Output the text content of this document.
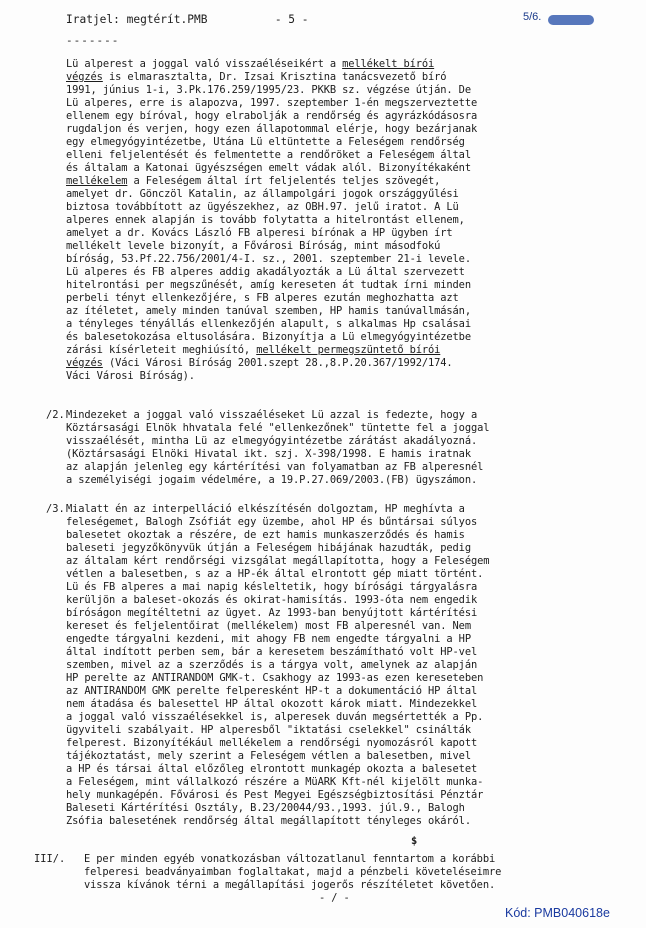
Iratjel: megtérít.PMB	- 5 -
-------
5/6.
Lü alperest a joggal való visszaéléseikért a mellékelt bírói
végzés is elmarasztalta, Dr. Izsai Krisztina tanácsvezető bíró
1991, június 1-i, 3.Pk.176.259/1995/23. PKKB sz. végzése útján. De
Lü alperes, erre is alapozva, 1997. szeptember 1-én megszerveztette
ellenem egy bíróval, hogy elrabolják a rendőrség és agyrázkódásosra
rugdaljon és verjen, hogy ezen állapotommal elérje, hogy bezárjanak
egy elmegyógyintézetbe, Utána Lü eltüntette a Feleségem rendőrség
elleni feljelentését és felmentette a rendőröket a Feleségem által
és általam a Katonai ügyészségen emelt vádak alól. Bizonyítékaként
mellékelem a Feleségem által írt feljelentés teljes szövegét,
amelyet dr. Gönczöl Katalin, az állampolgári jogok országgyűlési
biztosa továbbított az ügyészekhez, az OBH.97. jelű iratot. A Lü
alperes ennek alapján is tovább folytatta a hitelrontást ellenem,
amelyet a dr. Kovács László FB alperesi bírónak a HP ügyben írt
mellékelt levele bizonyít, a Fővárosi Bíróság, mint másodfokú
bíróság, 53.Pf.22.756/2001/4-I. sz., 2001. szeptember 21-i levele.
Lü alperes és FB alperes addig akadályozták a Lü által szervezett
hitelrontási per megszűnését, amíg kereseten át tudtak írni minden
perbeli tényt ellenkezőjére, s FB alperes ezután meghozhatta azt
az ítéletet, amely minden tanúval szemben, HP hamis tanúvallmásán,
a tényleges tényállás ellenkezőjén alapult, s alkalmas Hp csalásai
és balesetokozása eltusolására. Bizonyítja a Lü elmegyógyintézetbe
zárási kísérleteit meghiúsító, mellékelt permegszüntető bírói
végzés (Váci Városi Bíróság 2001.szept 28.,8.P.20.367/1992/174.
Váci Városi Bíróság).
/2. Mindezeket a joggal való visszaéléseket Lü azzal is fedezte, hogy a
Köztársasági Elnök hhvatala felé "ellenkezőnek" tüntette fel a joggal
visszaélését, mintha Lü az elmegyógyintézetbe zárátást akadályozná.
(Köztársasági Elnöki Hivatal ikt. szj. X-398/1998. E hamis iratnak
az alapján jelenleg egy kártérítési van folyamatban az FB alperesnél
a személyiségi jogaim védelmére, a 19.P.27.069/2003.(FB) ügyszámon.
/3. Mialatt én az interpelláció elkészítésén dolgoztam, HP meghívta a
feleségemet, Balogh Zsófiát egy üzembe, ahol HP és bűntársai súlyos
balesetet okoztak a részére, de ezt hamis munkaszerződés és hamis
baleseti jegyzőkönyvük útján a Feleségem hibájának hazudták, pedig
az általam kért rendőrségi vizsgálat megállapította, hogy a Feleségem
vétlen a balesetben, s az a HP-ék által elrontott gép miatt történt.
Lü és FB alperes a mai napig késleltetik, hogy bírósági tárgyalásra
kerüljön a baleset-okozás és okirat-hamisítás. 1993-óta nem engedik
bíróságon megítéltetni az ügyet. Az 1993-ban benyújtott kártérítési
kereset és feljelentőirat (mellékelem) most FB alperesnél van. Nem
engedte tárgyalni kezdeni, mit ahogy FB nem engedte tárgyalni a HP
által indított perben sem, bár a keresetem beszámítható volt HP-vel
szemben, mivel az a szerződés is a tárgya volt, amelynek az alapján
HP perelte az ANTIRANDOM GMK-t. Csakhogy az 1993-as ezen kereseteben
az ANTIRANDOM GMK perelte felperesként HP-t a dokumentáció HP által
nem átadása és balesettel HP által okozott károk miatt. Mindezekkel
a joggal való visszaélésekkel is, alperesek duván megsértették a Pp.
ügyviteli szabályait. HP alperesből "iktatási cselekkel" csinálták
felperest. Bizonyítékául mellékelem a rendőrségi nyomozásról kapott
tájékoztatást, mely szerint a Feleségem vétlen a balesetben, mivel
a HP és társai által előzőleg elrontott munkagép okozta a balesetet
a Feleségem, mint vállalkozó részére a MüARK Kft-nél kijelölt munka-
hely munkagépén. Fővárosi és Pest Megyei Egészségbiztosítási Pénztár
Baleseti Kártérítési Osztály, B.23/20044/93.,1993. júl.9., Balogh
Zsófia balesetének rendőrség által megállapított tényleges okáról.
$
III/. E per minden egyéb vonatkozásban változatlanul fenntartom a korábbi
felperesi beadványaimban foglaltakat, majd a pénzbeli követeléseimre
vissza kívánok térni a megállapítási jogerős részítéletet követően.
- / -
Kód: PMB040618e
